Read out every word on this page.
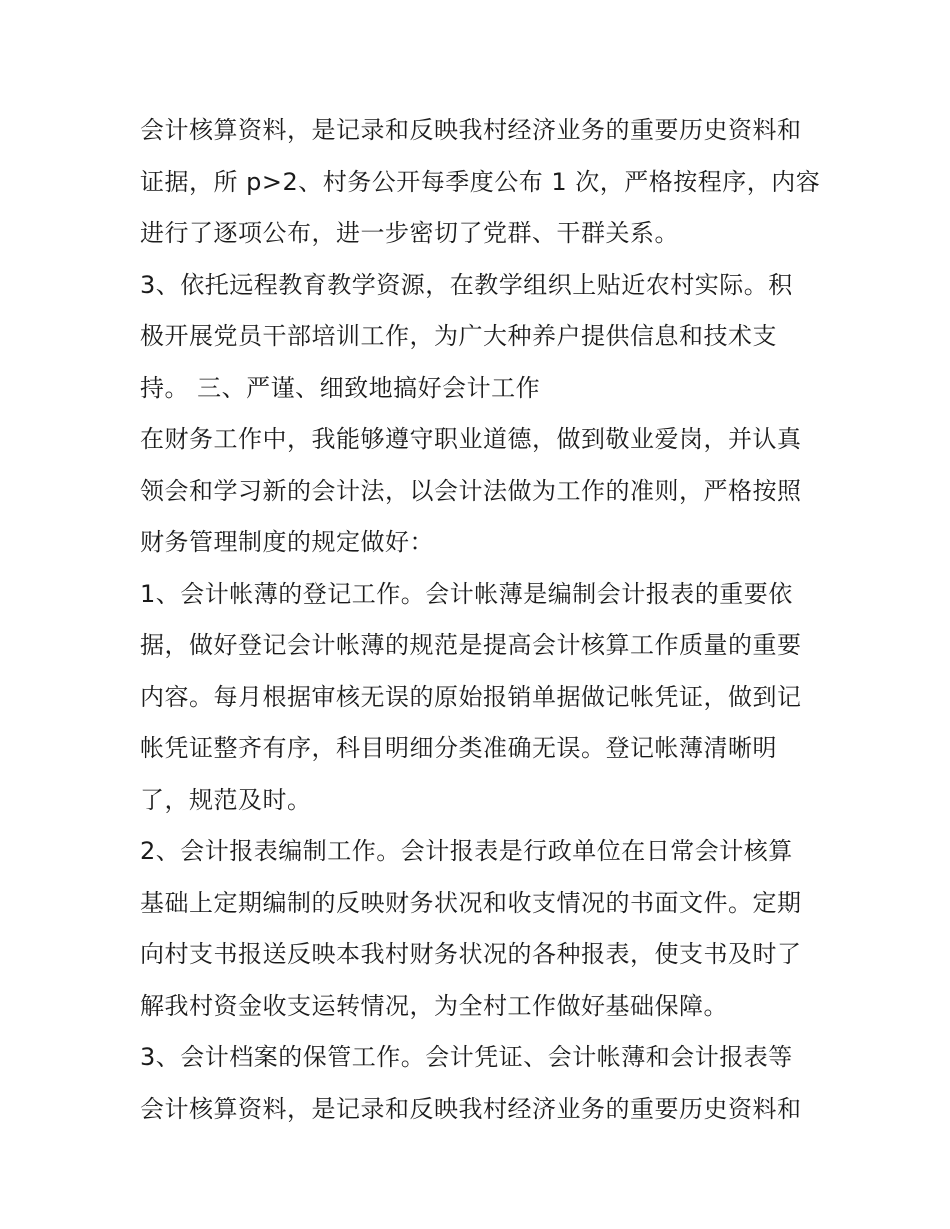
会计核算资料，是记录和反映我村经济业务的重要历史资料和
证据，所 p>2、村务公开每季度公布 1 次，严格按程序，内容
进行了逐项公布，进一步密切了党群、干群关系。
3、依托远程教育教学资源，在教学组织上贴近农村实际。积
极开展党员干部培训工作，为广大种养户提供信息和技术支
持。 三、严谨、细致地搞好会计工作
在财务工作中，我能够遵守职业道德，做到敬业爱岗，并认真
领会和学习新的会计法，以会计法做为工作的准则，严格按照
财务管理制度的规定做好：
1、会计帐薄的登记工作。会计帐薄是编制会计报表的重要依
据，做好登记会计帐薄的规范是提高会计核算工作质量的重要
内容。每月根据审核无误的原始报销单据做记帐凭证，做到记
帐凭证整齐有序，科目明细分类准确无误。登记帐薄清晰明
了，规范及时。
2、会计报表编制工作。会计报表是行政单位在日常会计核算
基础上定期编制的反映财务状况和收支情况的书面文件。定期
向村支书报送反映本我村财务状况的各种报表，使支书及时了
解我村资金收支运转情况，为全村工作做好基础保障。
3、会计档案的保管工作。会计凭证、会计帐薄和会计报表等
会计核算资料，是记录和反映我村经济业务的重要历史资料和
